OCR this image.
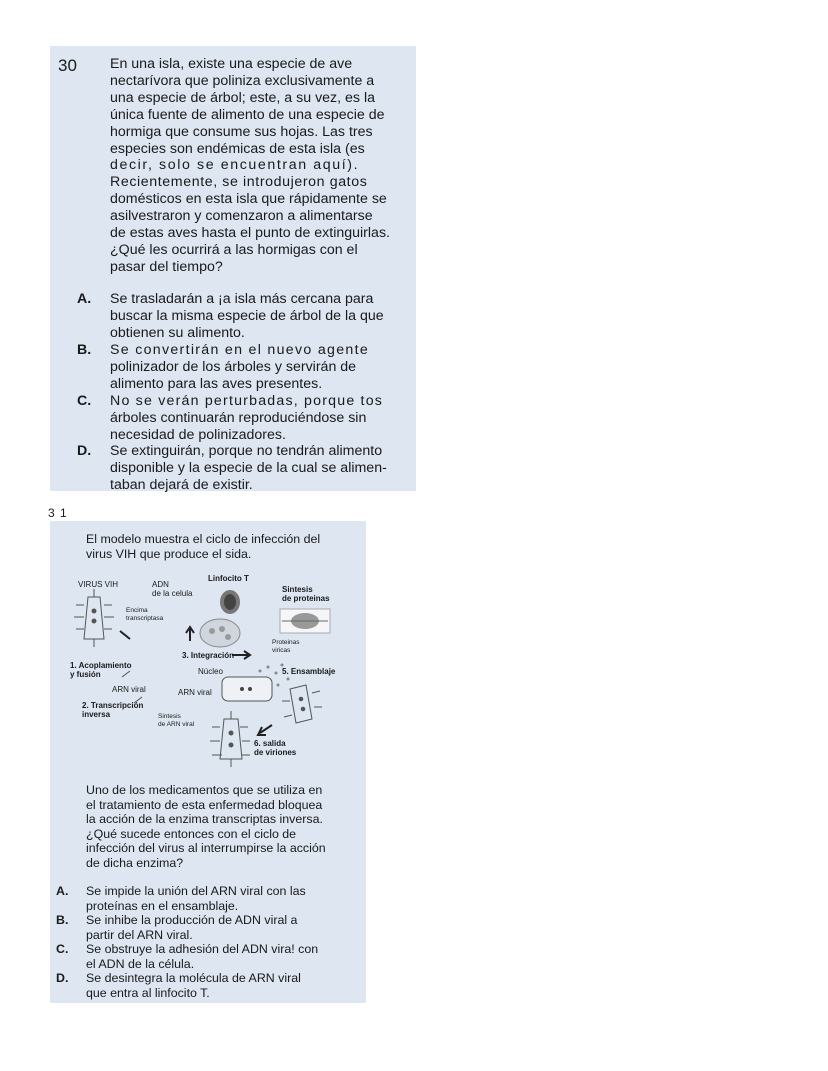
30 En una isla, existe una especie de ave
nectarívora que poliniza exclusivamente a
una especie de árbol; este, a su vez, es la
única fuente de alimento de una especie de
hormiga que consume sus hojas. Las tres
especies son endémicas de esta isla (es
decir, solo se encuentran aquí).
Recientemente, se introdujeron gatos
domésticos en esta isla que rápidamente se
asilvestraron y comenzaron a alimentarse
de estas aves hasta el punto de extinguirlas.
¿Qué les ocurrirá a las hormigas con el
pasar del tiempo?
A. Se trasladarán a ¡a isla más cercana para
buscar la misma especie de árbol de la que
obtienen su alimento.
B. Se convertirán en el nuevo agente
polinizador de los árboles y servirán de
alimento para las aves presentes.
C. No se verán perturbadas, porque tos
árboles continuarán reproduciéndose sin
necesidad de polinizadores.
D. Se extinguirán, porque no tendrán alimento
disponible y la especie de la cual se alimen-
taban dejará de existir.
3 1
El modelo muestra el ciclo de infección del
virus VIH que produce el sida.
VIRUS VIH	ADN
de la celula
Linfocito T
Sintesis
de proteinas
Encima
transcriptasa
Proteinas
viricas
3. Integración
1. Acoplamiento
y fusión	Núcleo	5. Ensamblaje
ARN viral	ARN viral
2. Transcripción
inversa	Sintesis
de ARN viral
6. salida
de viriones
Uno de los medicamentos que se utiliza en
el tratamiento de esta enfermedad bloquea
la acción de la enzima transcriptas inversa.
¿Qué sucede entonces con el ciclo de
infección del virus al interrumpirse la acción
de dicha enzima?
A. Se impide la unión del ARN viral con las
proteínas en el ensamblaje.
B. Se inhibe la producción de ADN viral a
partir del ARN viral.
C. Se obstruye la adhesión del ADN vira! con
el ADN de la célula.
D. Se desintegra la molécula de ARN viral
que entra al linfocito T.
